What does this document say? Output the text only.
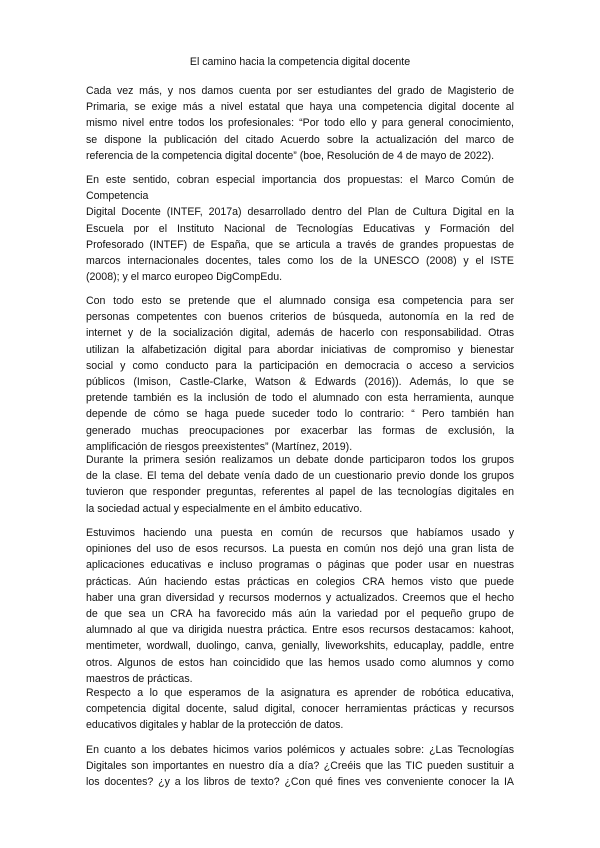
El camino hacia la competencia digital docente
Cada vez más, y nos damos cuenta por ser estudiantes del grado de Magisterio de
Primaria, se exige más a nivel estatal que haya una competencia digital docente al
mismo nivel entre todos los profesionales: “Por todo ello y para general conocimiento,
se dispone la publicación del citado Acuerdo sobre la actualización del marco de
referencia de la competencia digital docente” (boe, Resolución de 4 de mayo de 2022).
En este sentido, cobran especial importancia dos propuestas: el Marco Común de
Competencia
Digital Docente (INTEF, 2017a) desarrollado dentro del Plan de Cultura Digital en la
Escuela por el Instituto Nacional de Tecnologías Educativas y Formación del
Profesorado (INTEF) de España, que se articula a través de grandes propuestas de
marcos internacionales docentes, tales como los de la UNESCO (2008) y el ISTE
(2008); y el marco europeo DigCompEdu.
Con todo esto se pretende que el alumnado consiga esa competencia para ser
personas competentes con buenos criterios de búsqueda, autonomía en la red de
internet y de la socialización digital, además de hacerlo con responsabilidad. Otras
utilizan la alfabetización digital para abordar iniciativas de compromiso y bienestar
social y como conducto para la participación en democracia o acceso a servicios
públicos (Imison, Castle-Clarke, Watson & Edwards (2016)). Además, lo que se
pretende también es la inclusión de todo el alumnado con esta herramienta, aunque
depende de cómo se haga puede suceder todo lo contrario: “ Pero también han
generado muchas preocupaciones por exacerbar las formas de exclusión, la
amplificación de riesgos preexistentes” (Martínez, 2019).
Durante la primera sesión realizamos un debate donde participaron todos los grupos
de la clase. El tema del debate venía dado de un cuestionario previo donde los grupos
tuvieron que responder preguntas, referentes al papel de las tecnologías digitales en
la sociedad actual y especialmente en el ámbito educativo.
Estuvimos haciendo una puesta en común de recursos que habíamos usado y
opiniones del uso de esos recursos. La puesta en común nos dejó una gran lista de
aplicaciones educativas e incluso programas o páginas que poder usar en nuestras
prácticas. Aún haciendo estas prácticas en colegios CRA hemos visto que puede
haber una gran diversidad y recursos modernos y actualizados. Creemos que el hecho
de que sea un CRA ha favorecido más aún la variedad por el pequeño grupo de
alumnado al que va dirigida nuestra práctica. Entre esos recursos destacamos: kahoot,
mentimeter, wordwall, duolingo, canva, genially, liveworkshits, educaplay, paddle, entre
otros. Algunos de estos han coincidido que las hemos usado como alumnos y como
maestros de prácticas.
Respecto a lo que esperamos de la asignatura es aprender de robótica educativa,
competencia digital docente, salud digital, conocer herramientas prácticas y recursos
educativos digitales y hablar de la protección de datos.
En cuanto a los debates hicimos varios polémicos y actuales sobre: ¿Las Tecnologías
Digitales son importantes en nuestro día a día? ¿Creéis que las TIC pueden sustituir a
los docentes? ¿y a los libros de texto? ¿Con qué fines ves conveniente conocer la IA
